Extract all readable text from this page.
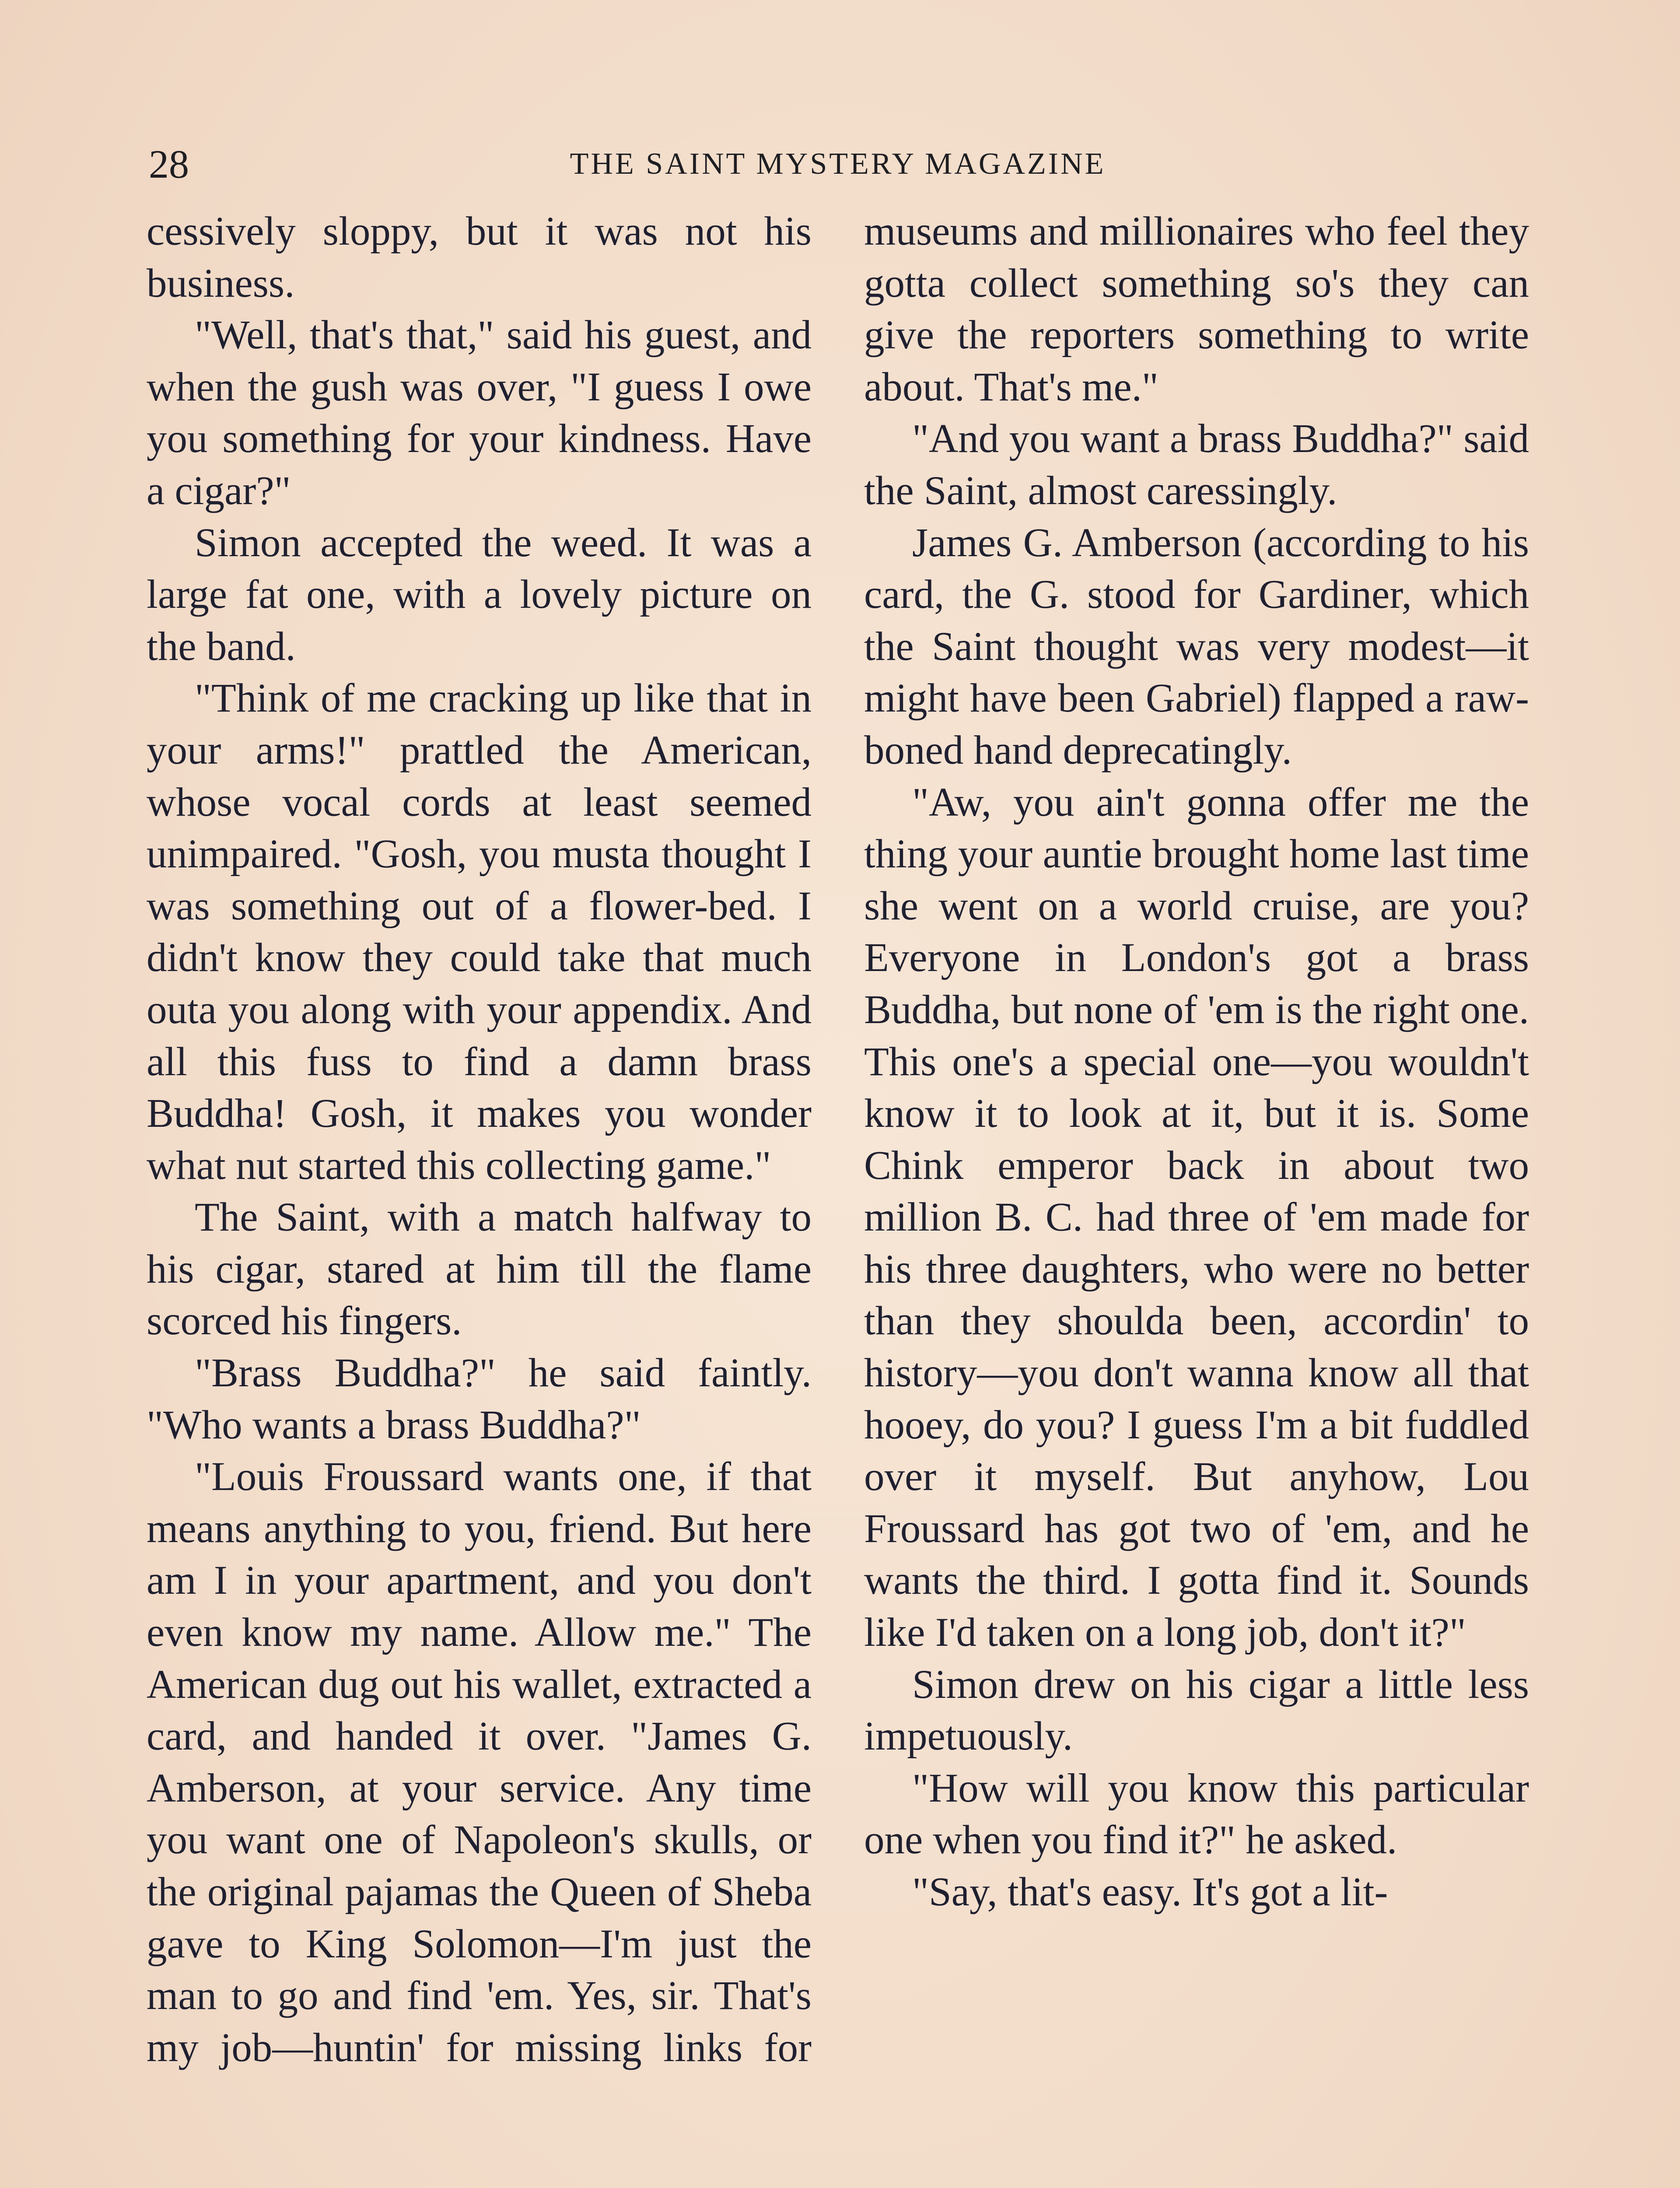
28	THE SAINT MYSTERY MAGAZINE

cessively sloppy, but it was not his business.

"Well, that's that," said his guest, and when the gush was over, "I guess I owe you something for your kindness. Have a cigar?"

Simon accepted the weed. It was a large fat one, with a lovely picture on the band.

"Think of me cracking up like that in your arms!" prattled the American, whose vocal cords at least seemed unimpaired. "Gosh, you musta thought I was something out of a flower-bed. I didn't know they could take that much outa you along with your appendix. And all this fuss to find a damn brass Buddha! Gosh, it makes you wonder what nut started this collecting game."

The Saint, with a match halfway to his cigar, stared at him till the flame scorced his fingers.

"Brass Buddha?" he said faintly. "Who wants a brass Buddha?"

"Louis Froussard wants one, if that means anything to you, friend. But here am I in your apartment, and you don't even know my name. Allow me." The American dug out his wallet, extracted a card, and handed it over. "James G. Amberson, at your service. Any time you want one of Napoleon's skulls, or the original pajamas the Queen of Sheba gave to King Solomon—I'm just the man to go and find 'em. Yes, sir. That's my job—huntin' for missing links for

museums and millionaires who feel they gotta collect something so's they can give the reporters something to write about. That's me."

"And you want a brass Buddha?" said the Saint, almost caressingly.

James G. Amberson (according to his card, the G. stood for Gardiner, which the Saint thought was very modest—it might have been Gabriel) flapped a raw-boned hand deprecatingly.

"Aw, you ain't gonna offer me the thing your auntie brought home last time she went on a world cruise, are you? Everyone in London's got a brass Buddha, but none of 'em is the right one. This one's a special one—you wouldn't know it to look at it, but it is. Some Chink emperor back in about two million B. C. had three of 'em made for his three daughters, who were no better than they shoulda been, accordin' to history—you don't wanna know all that hooey, do you? I guess I'm a bit fuddled over it myself. But anyhow, Lou Froussard has got two of 'em, and he wants the third. I gotta find it. Sounds like I'd taken on a long job, don't it?"

Simon drew on his cigar a little less impetuously.

"How will you know this particular one when you find it?" he asked.

"Say, that's easy. It's got a lit-
